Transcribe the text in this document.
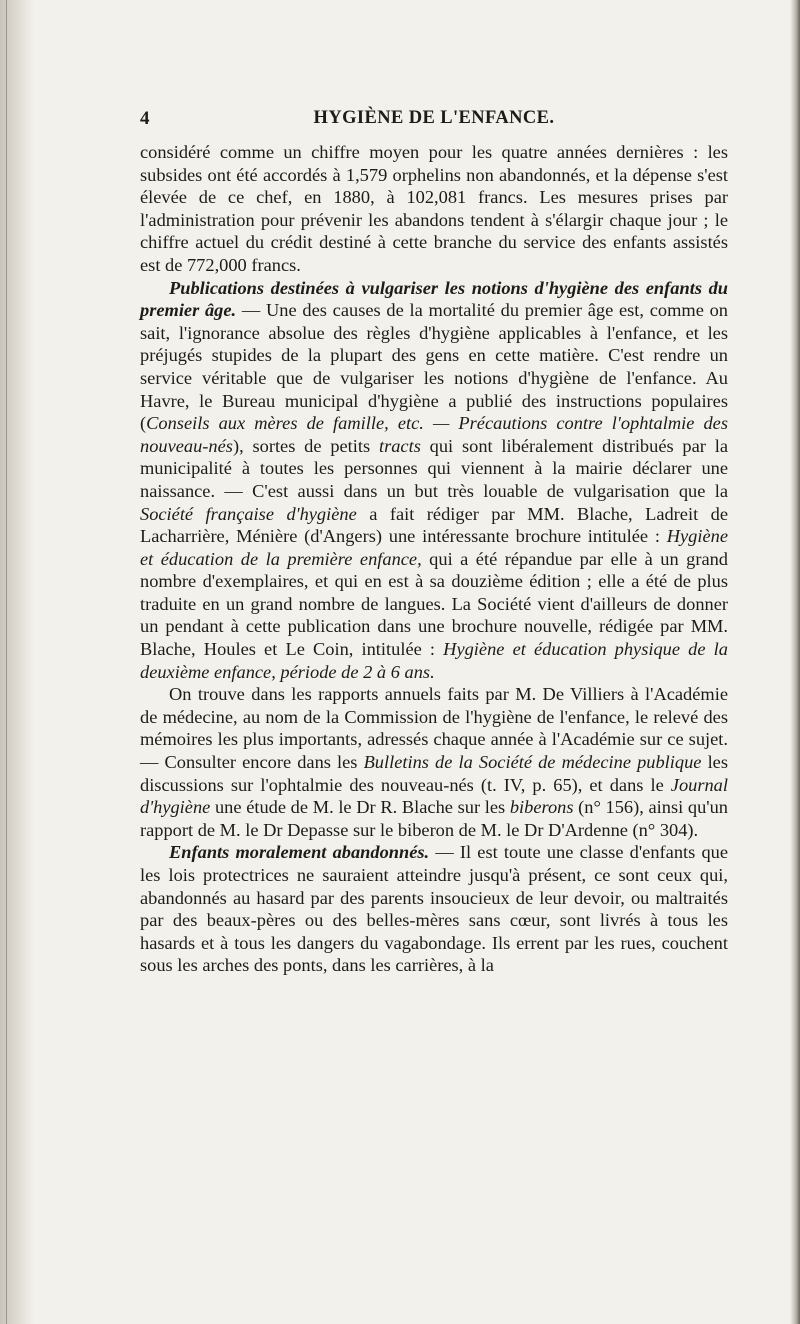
4	HYGIÈNE DE L'ENFANCE.

considéré comme un chiffre moyen pour les quatre années dernières : les subsides ont été accordés à 1,579 orphelins non abandonnés, et la dépense s'est élevée de ce chef, en 1880, à 102,081 francs. Les mesures prises par l'administration pour prévenir les abandons tendent à s'élargir chaque jour ; le chiffre actuel du crédit destiné à cette branche du service des enfants assistés est de 772,000 francs.

Publications destinées à vulgariser les notions d'hygiène des enfants du premier âge. — Une des causes de la mortalité du premier âge est, comme on sait, l'ignorance absolue des règles d'hygiène applicables à l'enfance, et les préjugés stupides de la plupart des gens en cette matière. C'est rendre un service véritable que de vulgariser les notions d'hygiène de l'enfance. Au Havre, le Bureau municipal d'hygiène a publié des instructions populaires (Conseils aux mères de famille, etc. — Précautions contre l'ophtalmie des nouveau-nés), sortes de petits tracts qui sont libéralement distribués par la municipalité à toutes les personnes qui viennent à la mairie déclarer une naissance. — C'est aussi dans un but très louable de vulgarisation que la Société française d'hygiène a fait rédiger par MM. Blache, Ladreit de Lacharrière, Ménière (d'Angers) une intéressante brochure intitulée : Hygiène et éducation de la première enfance, qui a été répandue par elle à un grand nombre d'exemplaires, et qui en est à sa douzième édition ; elle a été de plus traduite en un grand nombre de langues. La Société vient d'ailleurs de donner un pendant à cette publication dans une brochure nouvelle, rédigée par MM. Blache, Houles et Le Coin, intitulée : Hygiène et éducation physique de la deuxième enfance, période de 2 à 6 ans.

On trouve dans les rapports annuels faits par M. De Villiers à l'Académie de médecine, au nom de la Commission de l'hygiène de l'enfance, le relevé des mémoires les plus importants, adressés chaque année à l'Académie sur ce sujet. — Consulter encore dans les Bulletins de la Société de médecine publique les discussions sur l'ophtalmie des nouveau-nés (t. IV, p. 65), et dans le Journal d'hygiène une étude de M. le Dr R. Blache sur les biberons (n° 156), ainsi qu'un rapport de M. le Dr Depasse sur le biberon de M. le Dr D'Ardenne (n° 304).

Enfants moralement abandonnés. — Il est toute une classe d'enfants que les lois protectrices ne sauraient atteindre jusqu'à présent, ce sont ceux qui, abandonnés au hasard par des parents insoucieux de leur devoir, ou maltraités par des beaux-pères ou des belles-mères sans cœur, sont livrés à tous les hasards et à tous les dangers du vagabondage. Ils errent par les rues, couchent sous les arches des ponts, dans les carrières, à la
